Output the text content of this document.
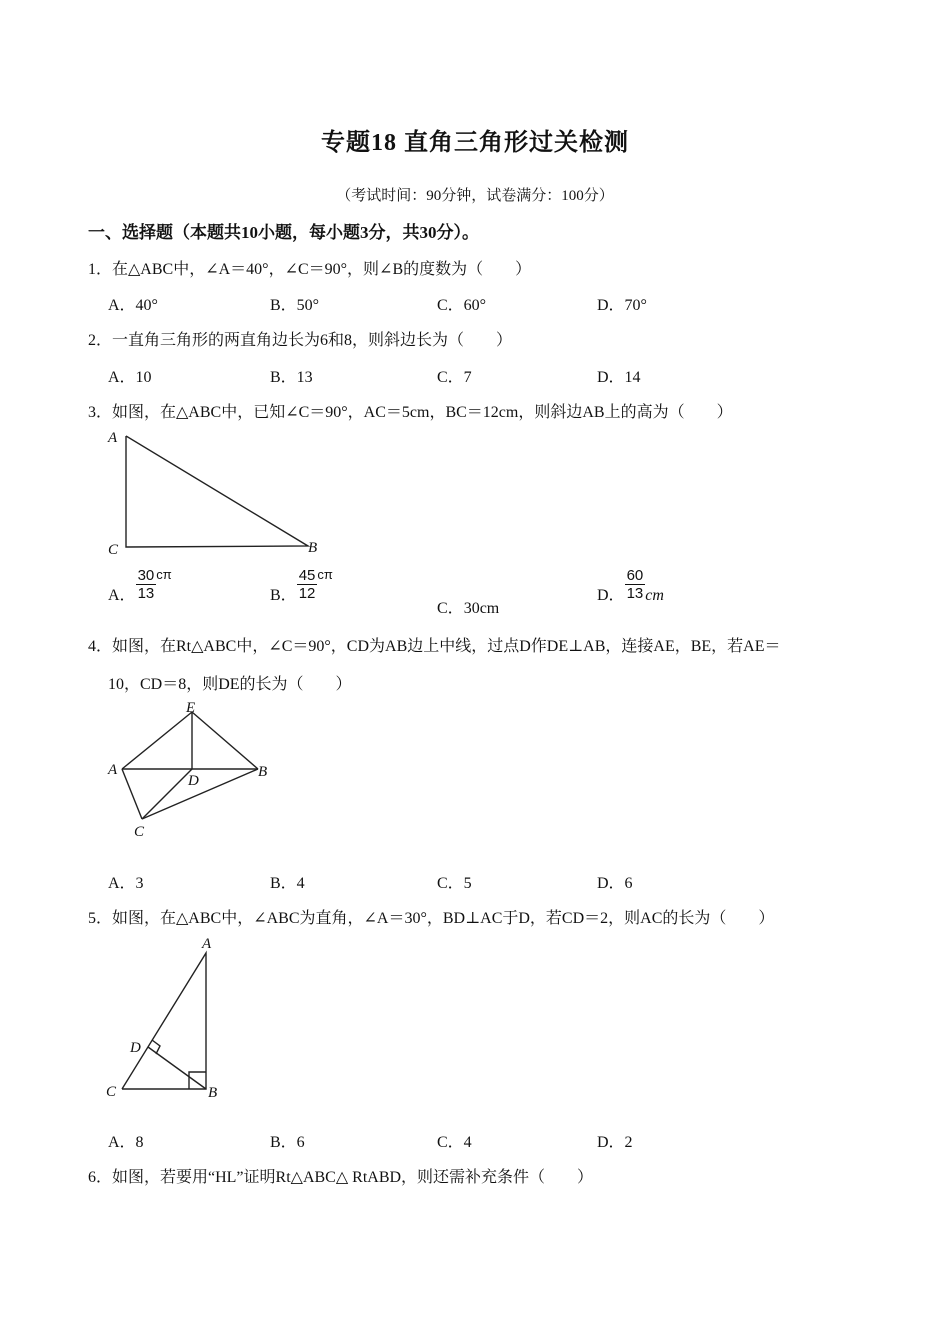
专题18 直角三角形过关检测
（考试时间：90分钟，试卷满分：100分）
一、选择题（本题共10小题，每小题3分，共30分）。
1．在△ABC中，∠A＝40°，∠C＝90°，则∠B的度数为（　　）
A．40°	B．50°	C．60°	D．70°
2．一直角三角形的两直角边长为6和8，则斜边长为（　　）
A．10	B．13	C．7	D．14
3．如图，在△ABC中，已知∠C＝90°，AC＝5cm，BC＝12cm，则斜边AB上的高为（　　）
A
C	B
A． $\frac{30}{13} ^{c\pi}$
B． $\frac{45}{12} ^{c\pi}$
C．30cm
D． $\frac{60}{13}$ cm
4．如图，在Rt△ABC中，∠C＝90°，CD为AB边上中线，过点D作DE⊥AB，连接AE，BE，若AE＝
10，CD＝8，则DE的长为（　　）
E
A
D
B
C
A．3	B．4	C．5	D．6
5．如图，在△ABC中，∠ABC为直角，∠A＝30°，BD⊥AC于D，若CD＝2，则AC的长为（　　）
A
D
C	B
A．8	B．6	C．4	D．2
6．如图，若要用“HL”证明Rt△ABC△ RtABD，则还需补充条件（　　）
